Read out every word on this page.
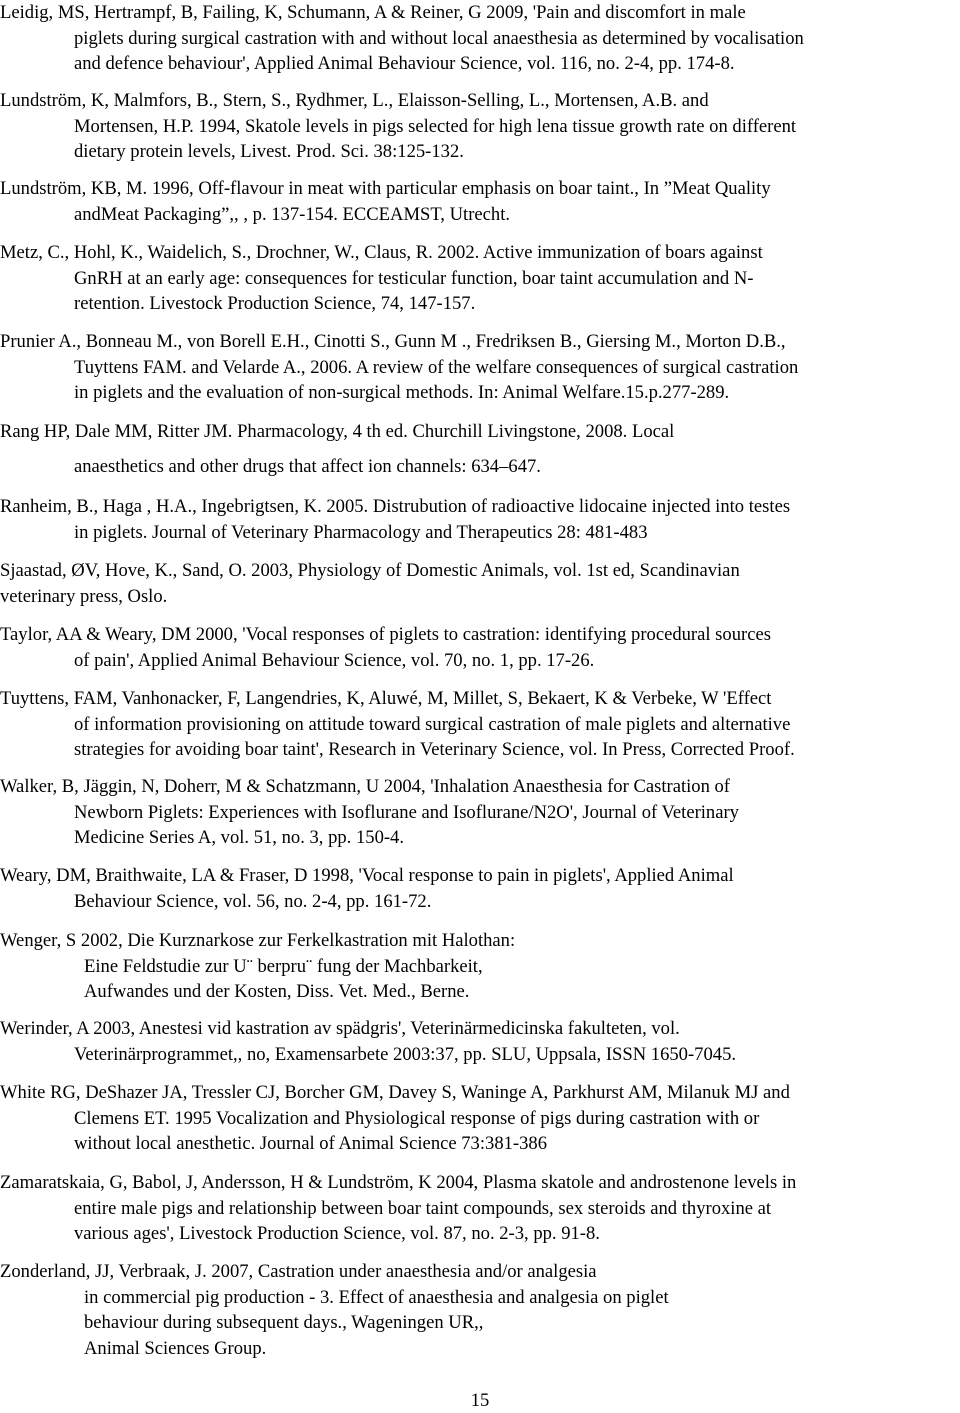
Leidig, MS, Hertrampf, B, Failing, K, Schumann, A & Reiner, G 2009, 'Pain and discomfort in male
piglets during surgical castration with and without local anaesthesia as determined by vocalisation
and defence behaviour', Applied Animal Behaviour Science, vol. 116, no. 2-4, pp. 174-8.
Lundström, K, Malmfors, B., Stern, S., Rydhmer, L., Elaisson-Selling, L., Mortensen, A.B. and
Mortensen, H.P. 1994, Skatole levels in pigs selected for high lena tissue growth rate on different
dietary protein levels, Livest. Prod. Sci. 38:125-132.
Lundström, KB, M. 1996, Off-flavour in meat with particular emphasis on boar taint., In ”Meat Quality
andMeat Packaging”,, , p. 137-154. ECCEAMST, Utrecht.
Metz, C., Hohl, K., Waidelich, S., Drochner, W., Claus, R. 2002. Active immunization of boars against
GnRH at an early age: consequences for testicular function, boar taint accumulation and N-
retention. Livestock Production Science, 74, 147-157.
Prunier A., Bonneau M., von Borell E.H., Cinotti S., Gunn M ., Fredriksen B., Giersing M., Morton D.B.,
Tuyttens FAM. and Velarde A., 2006. A review of the welfare consequences of surgical castration
in piglets and the evaluation of non-surgical methods. In: Animal Welfare.15.p.277-289.
Rang HP, Dale MM, Ritter JM. Pharmacology, 4 th ed. Churchill Livingstone, 2008. Local
anaesthetics and other drugs that affect ion channels: 634–647.
Ranheim, B., Haga , H.A., Ingebrigtsen, K. 2005. Distrubution of radioactive lidocaine injected into testes
in piglets. Journal of Veterinary Pharmacology and Therapeutics 28: 481-483
Sjaastad, ØV, Hove, K., Sand, O. 2003, Physiology of Domestic Animals, vol. 1st ed, Scandinavian
veterinary press, Oslo.
Taylor, AA & Weary, DM 2000, 'Vocal responses of piglets to castration: identifying procedural sources
of pain', Applied Animal Behaviour Science, vol. 70, no. 1, pp. 17-26.
Tuyttens, FAM, Vanhonacker, F, Langendries, K, Aluwé, M, Millet, S, Bekaert, K & Verbeke, W 'Effect
of information provisioning on attitude toward surgical castration of male piglets and alternative
strategies for avoiding boar taint', Research in Veterinary Science, vol. In Press, Corrected Proof.
Walker, B, Jäggin, N, Doherr, M & Schatzmann, U 2004, 'Inhalation Anaesthesia for Castration of
Newborn Piglets: Experiences with Isoflurane and Isoflurane/N2O', Journal of Veterinary
Medicine Series A, vol. 51, no. 3, pp. 150-4.
Weary, DM, Braithwaite, LA & Fraser, D 1998, 'Vocal response to pain in piglets', Applied Animal
Behaviour Science, vol. 56, no. 2-4, pp. 161-72.
Wenger, S 2002, Die Kurznarkose zur Ferkelkastration mit Halothan:
Eine Feldstudie zur U¨ berpru¨ fung der Machbarkeit,
Aufwandes und der Kosten, Diss. Vet. Med., Berne.
Werinder, A 2003, Anestesi vid kastration av spädgris', Veterinärmedicinska fakulteten, vol.
Veterinärprogrammet,, no, Examensarbete 2003:37, pp. SLU, Uppsala, ISSN 1650-7045.
White RG, DeShazer JA, Tressler CJ, Borcher GM, Davey S, Waninge A, Parkhurst AM, Milanuk MJ and
Clemens ET. 1995 Vocalization and Physiological response of pigs during castration with or
without local anesthetic. Journal of Animal Science 73:381-386
Zamaratskaia, G, Babol, J, Andersson, H & Lundström, K 2004, Plasma skatole and androstenone levels in
entire male pigs and relationship between boar taint compounds, sex steroids and thyroxine at
various ages', Livestock Production Science, vol. 87, no. 2-3, pp. 91-8.
Zonderland, JJ, Verbraak, J. 2007, Castration under anaesthesia and/or analgesia
in commercial pig production - 3. Effect of anaesthesia and analgesia on piglet
behaviour during subsequent days., Wageningen UR,,
Animal Sciences Group.
15
